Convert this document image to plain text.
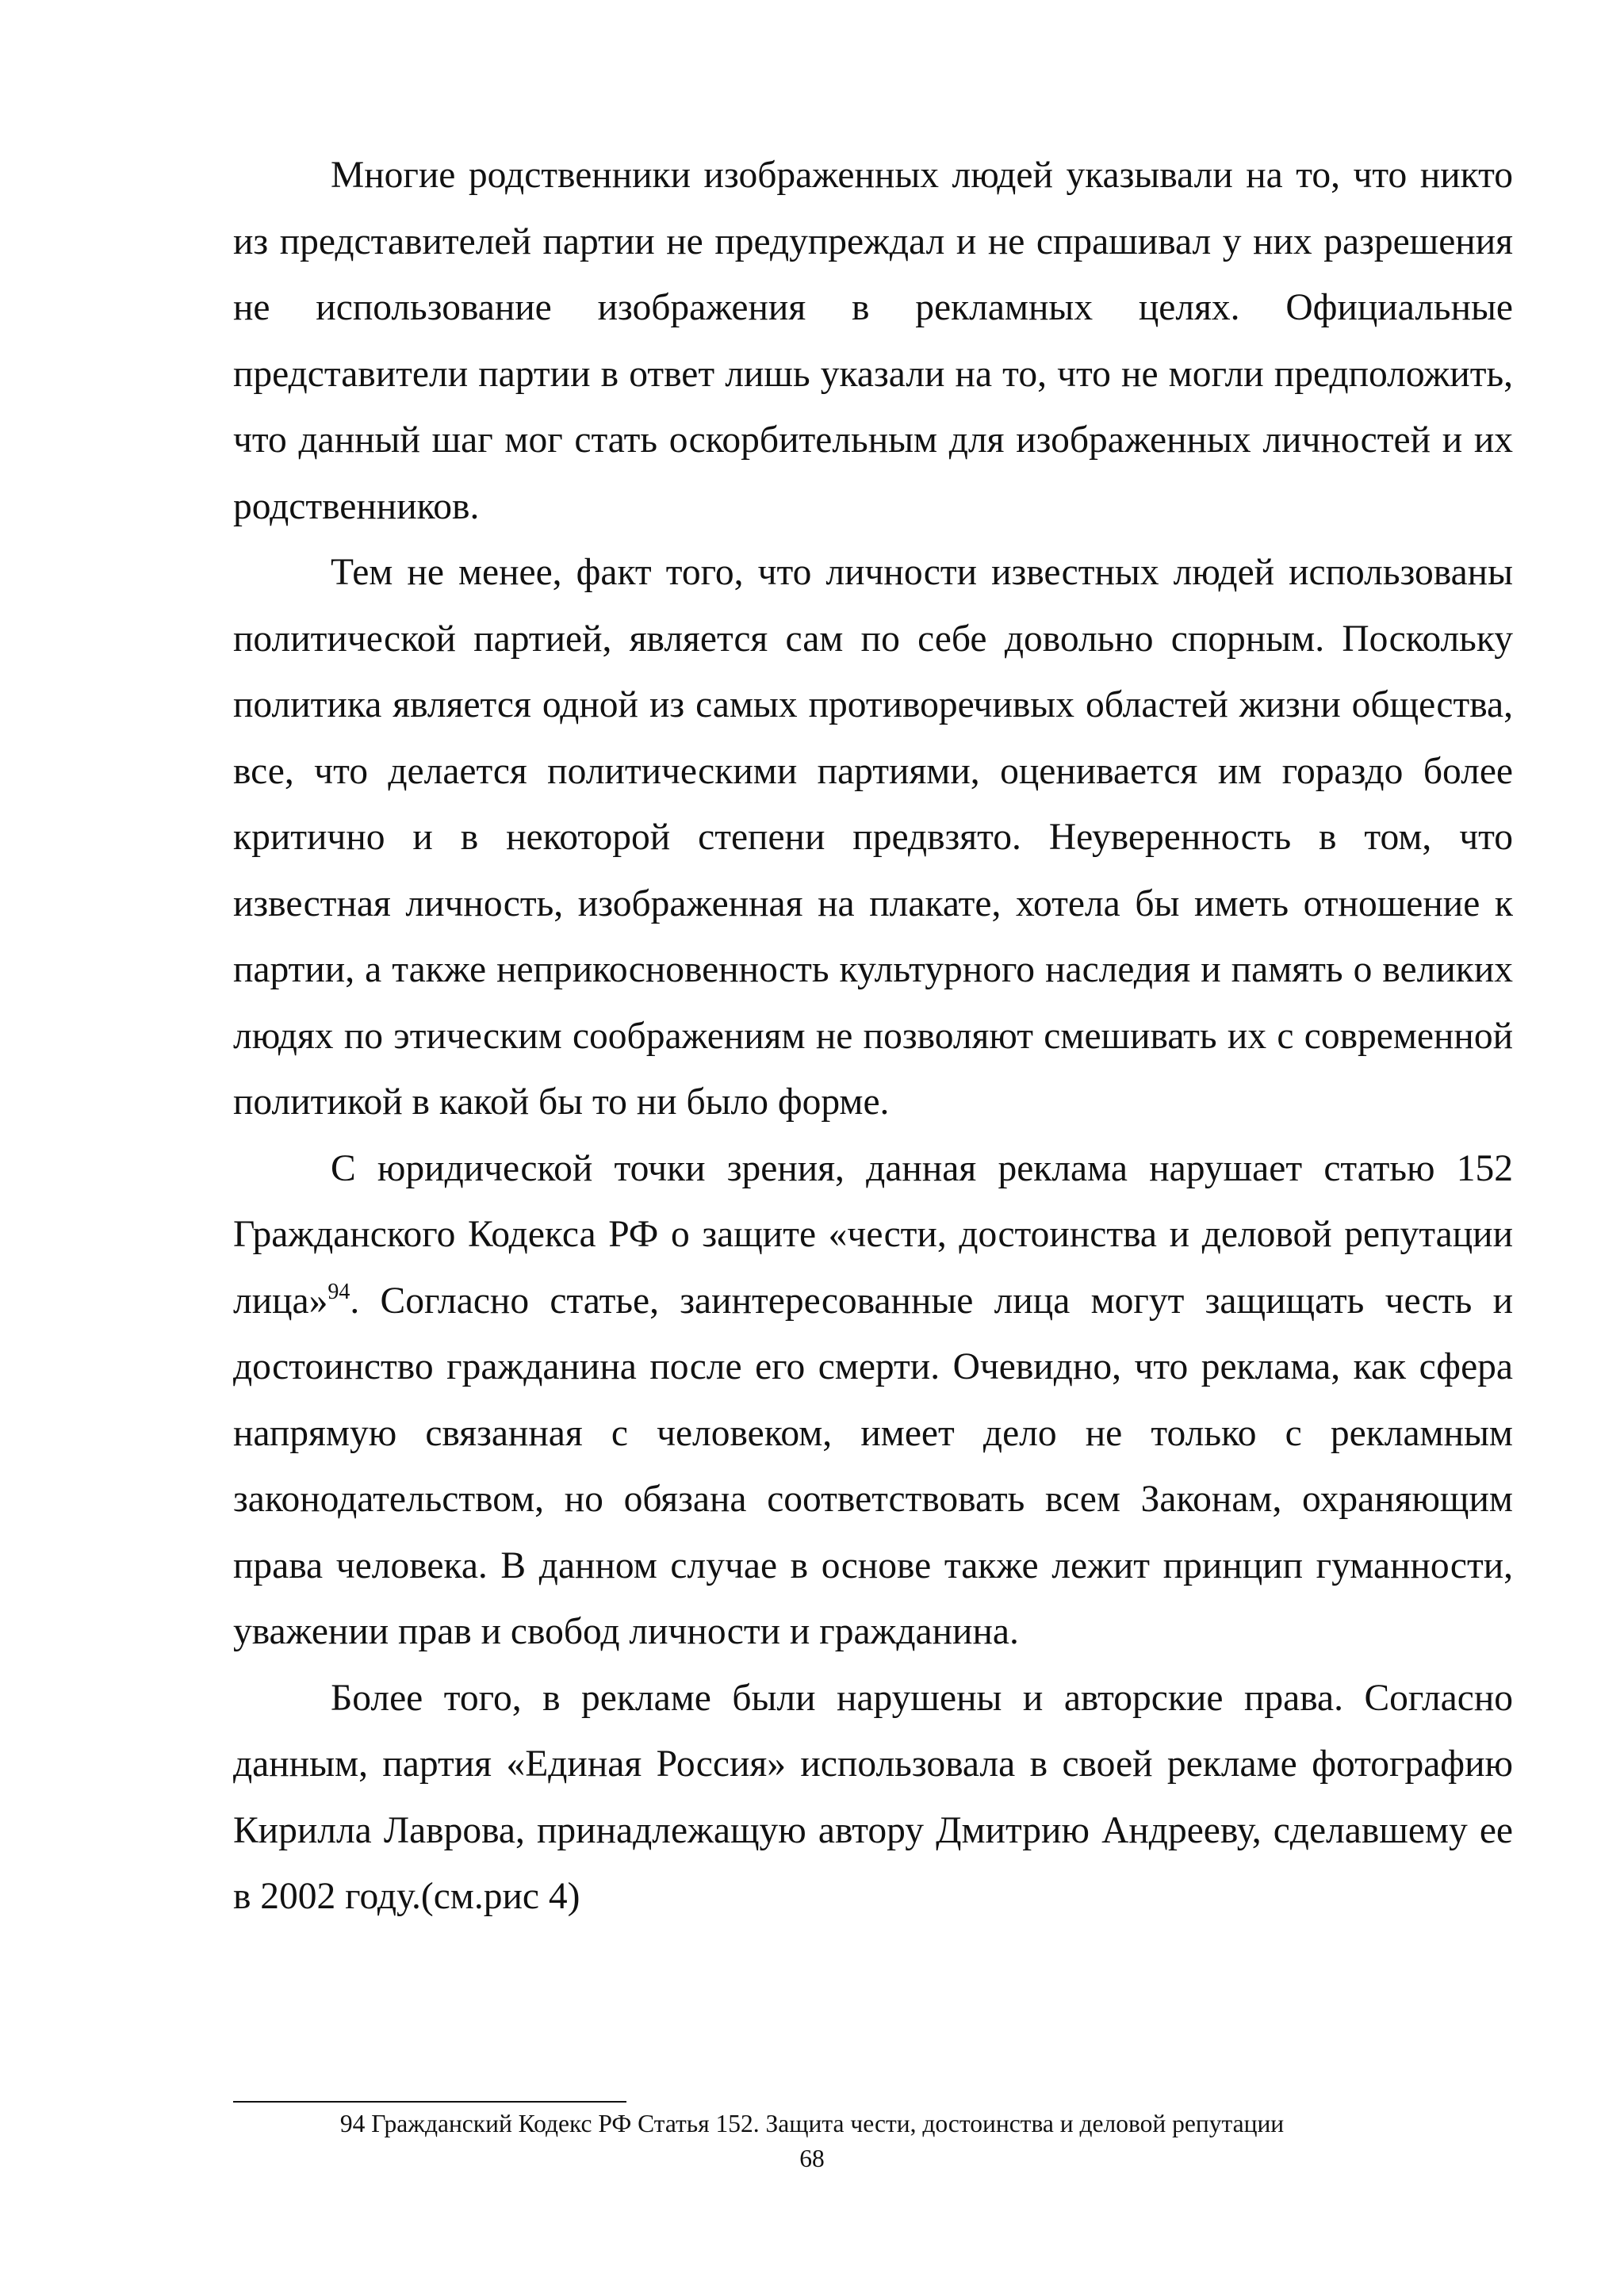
Многие родственники изображенных людей указывали на то, что никто из представителей партии не предупреждал и не спрашивал у них разрешения не использование изображения в рекламных целях. Официальные представители партии в ответ лишь указали на то, что не могли предположить, что данный шаг мог стать оскорбительным для изображенных личностей и их родственников.

Тем не менее, факт того, что личности известных людей использованы политической партией, является сам по себе довольно спорным. Поскольку политика является одной из самых противоречивых областей жизни общества, все, что делается политическими партиями, оценивается им гораздо более критично и в некоторой степени предвзято. Неуверенность в том, что известная личность, изображенная на плакате, хотела бы иметь отношение к партии, а также неприкосновенность культурного наследия и память о великих людях по этическим соображениям не позволяют смешивать их с современной политикой в какой бы то ни было форме.

С юридической точки зрения, данная реклама нарушает статью 152 Гражданского Кодекса РФ о защите «чести, достоинства и деловой репутации лица»$^{94}$. Согласно статье, заинтересованные лица могут защищать честь и достоинство гражданина после его смерти. Очевидно, что реклама, как сфера напрямую связанная с человеком, имеет дело не только с рекламным законодательством, но обязана соответствовать всем Законам, охраняющим права человека. В данном случае в основе также лежит принцип гуманности, уважении прав и свобод личности и гражданина.

Более того, в рекламе были нарушены и авторские права. Согласно данным, партия «Единая Россия» использовала в своей рекламе фотографию Кирилла Лаврова, принадлежащую автору Дмитрию Андрееву, сделавшему ее в 2002 году.(см.рис 4)

94 Гражданский Кодекс РФ Статья 152. Защита чести, достоинства и деловой репутации

68
